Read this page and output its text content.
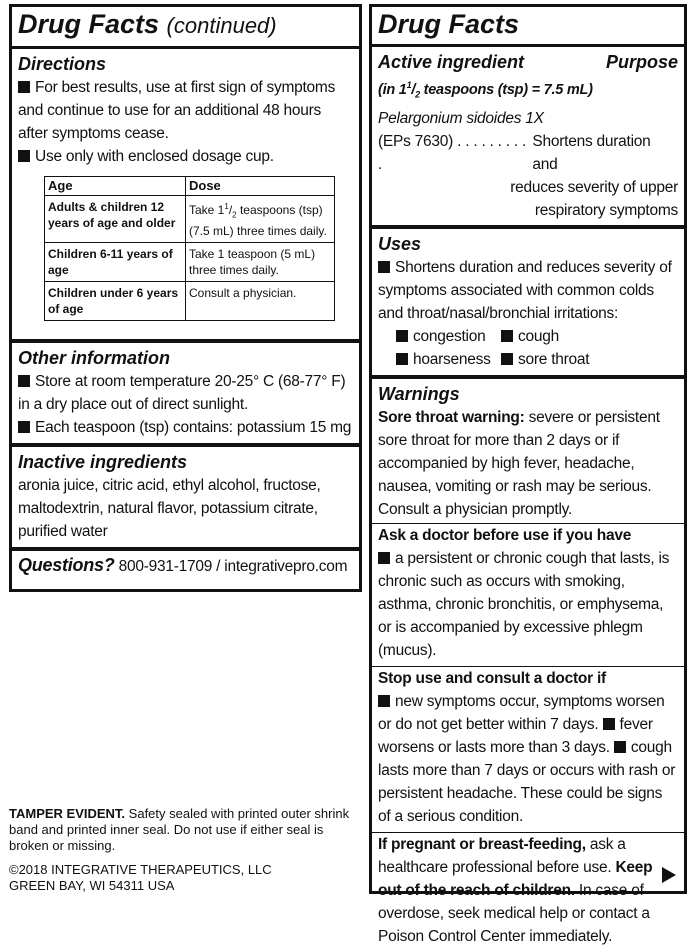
Drug Facts (continued)
Directions
For best results, use at first sign of symptoms and continue to use for an additional 48 hours after symptoms cease.
Use only with enclosed dosage cup.
Age	Dose
Adults & children 12 years of age and older	Take $1^1/_2$ teaspoons (tsp) (7.5 mL) three times daily.
Children 6-11 years of age	Take 1 teaspoon (5 mL) three times daily.
Children under 6 years of age	Consult a physician.
Other information
Store at room temperature 20-25° C (68-77° F) in a dry place out of direct sunlight.
Each teaspoon (tsp) contains: potassium 15 mg
Inactive ingredients
aronia juice, citric acid, ethyl alcohol, fructose, maltodextrin, natural flavor, potassium citrate, purified water
Questions? 800-931-1709 / integrativepro.com
TAMPER EVIDENT. Safety sealed with printed outer shrink band and printed inner seal. Do not use if either seal is broken or missing.
©2018 INTEGRATIVE THERAPEUTICS, LLC
GREEN BAY, WI 54311 USA
Drug Facts
Active ingredient	Purpose
(in $1^1/_2$ teaspoons (tsp) = 7.5 mL)
Pelargonium sidoides 1X
(EPs 7630) . . . . . . . . . .
Shortens duration and
reduces severity of upper
respiratory symptoms
Uses
Shortens duration and reduces severity of symptoms associated with common colds and throat/nasal/bronchial irritations:
congestion	cough
hoarseness	sore throat
Warnings
Sore throat warning: severe or persistent sore throat for more than 2 days or if accompanied by high fever, headache, nausea, vomiting or rash may be serious. Consult a physician promptly.
Ask a doctor before use if you have
a persistent or chronic cough that lasts, is chronic such as occurs with smoking, asthma, chronic bronchitis, or emphysema, or is accompanied by excessive phlegm (mucus).
Stop use and consult a doctor if
new symptoms occur, symptoms worsen or do not get better within 7 days. fever worsens or lasts more than 3 days. cough lasts more than 7 days or occurs with rash or persistent headache. These could be signs of a serious condition.
If pregnant or breast-feeding, ask a healthcare professional before use. Keep out of the reach of children. In case of overdose, seek medical help or contact a Poison Control Center immediately.
